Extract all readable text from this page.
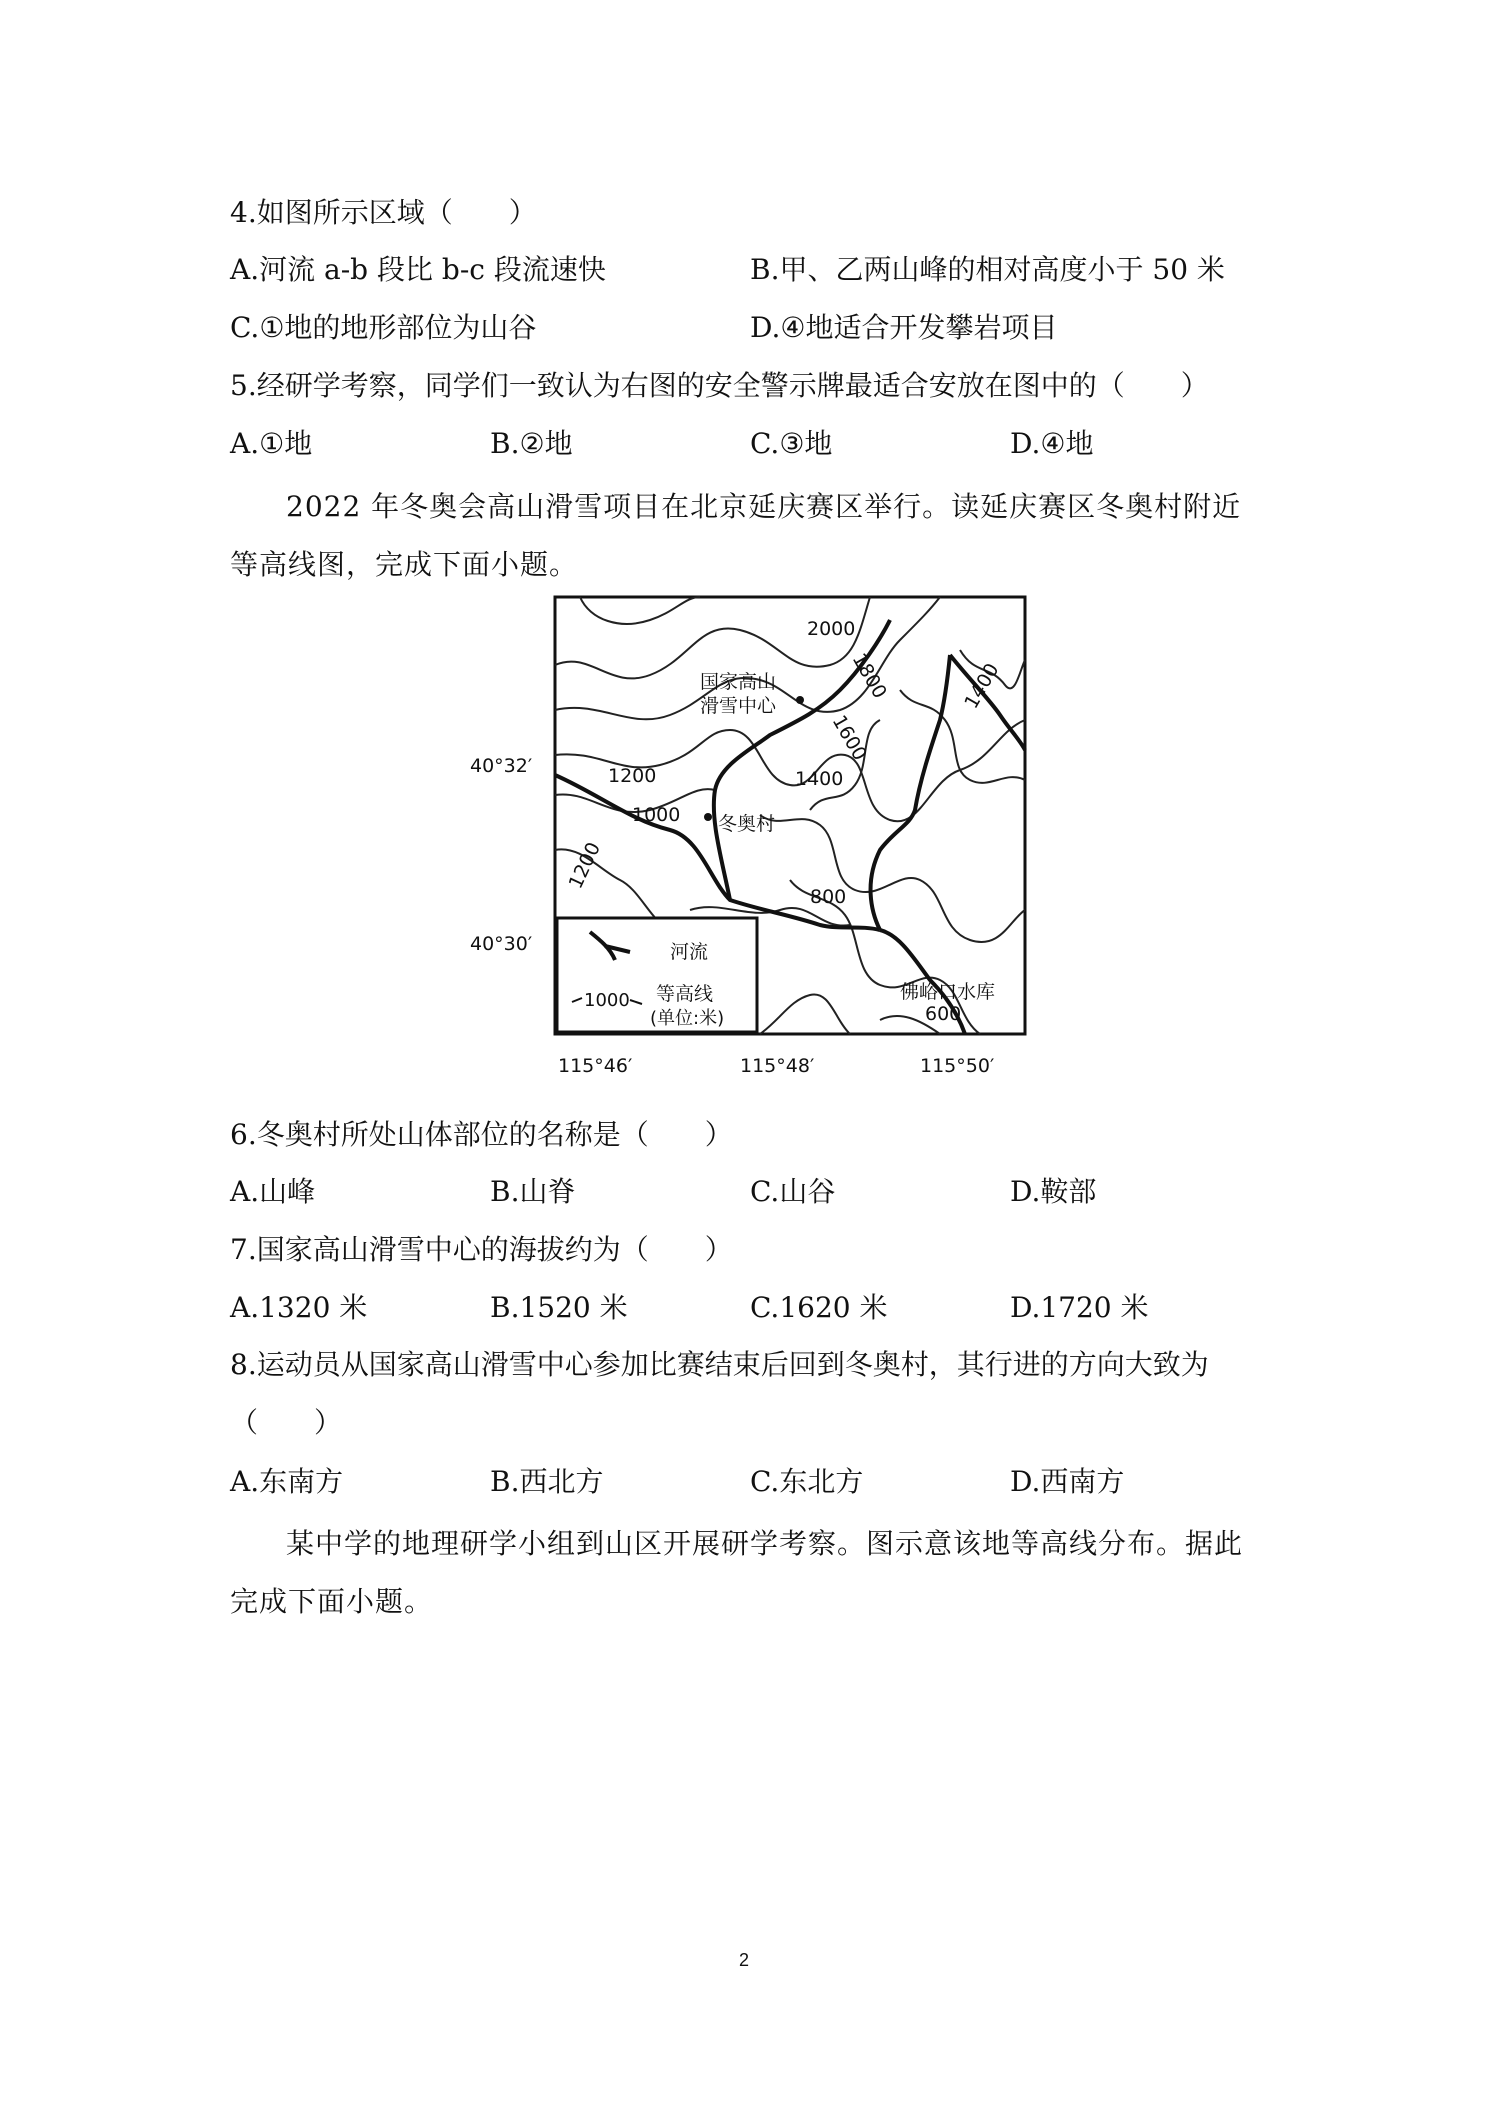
4.如图所示区域（　　）
A.河流 a-b 段比 b-c 段流速快	B.甲、乙两山峰的相对高度小于 50 米
C.①地的地形部位为山谷	D.④地适合开发攀岩项目
5.经研学考察，同学们一致认为右图的安全警示牌最适合安放在图中的（　　）
A.①地	B.②地	C.③地	D.④地
2022 年冬奥会高山滑雪项目在北京延庆赛区举行。读延庆赛区冬奥村附近等高线图，完成下面小题。
河流
1000 等高线
(单位:米)
2000
1800
1600
1400
1400
1200
1200
1000
800
600
国家高山
滑雪中心
冬奥村
佛峪口水库
40°32′
40°30′
115°46′	115°48′	115°50′
6.冬奥村所处山体部位的名称是（　　）
A.山峰	B.山脊	C.山谷	D.鞍部
7.国家高山滑雪中心的海拔约为（　　）
A.1320 米	B.1520 米	C.1620 米	D.1720 米
8.运动员从国家高山滑雪中心参加比赛结束后回到冬奥村，其行进的方向大致为
（　　）
A.东南方	B.西北方	C.东北方	D.西南方
某中学的地理研学小组到山区开展研学考察。图示意该地等高线分布。据此完成下面小题。
2
